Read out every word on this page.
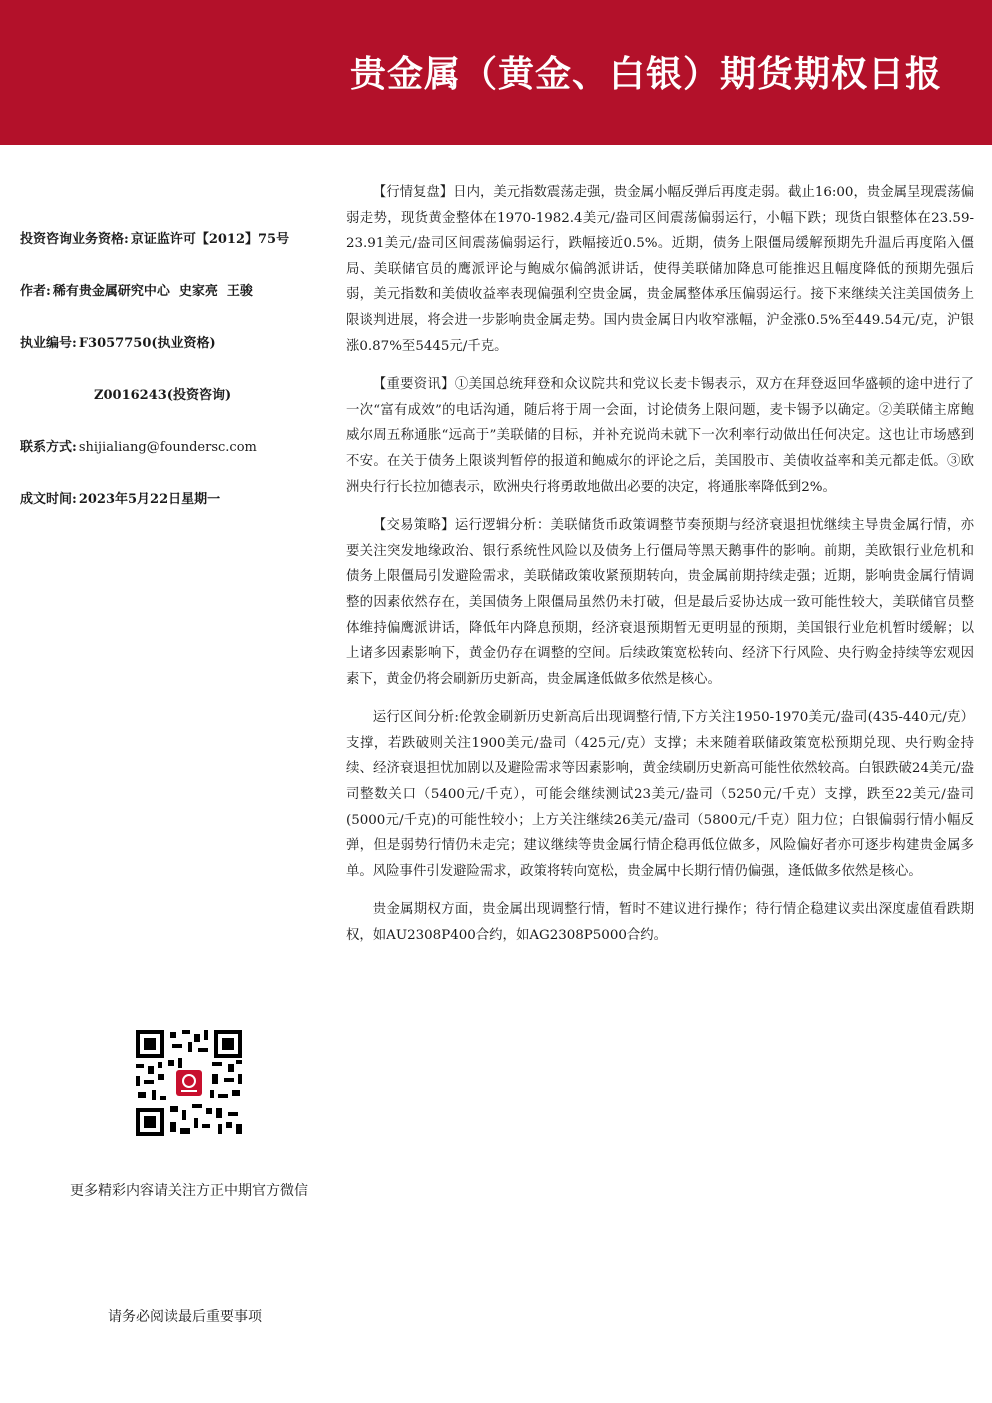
贵金属（黄金、白银）期货期权日报
投资咨询业务资格: 京证监许可【2012】75号
作者: 稀有贵金属研究中心  史家亮  王骏
执业编号: F3057750(执业资格)
Z0016243(投资咨询)
联系方式: shijialiang@foundersc.com
成文时间: 2023年5月22日星期一
更多精彩内容请关注方正中期官方微信
请务必阅读最后重要事项

【行情复盘】日内，美元指数震荡走强，贵金属小幅反弹后再度走弱。截止16:00，贵金属呈现震荡偏弱走势，现货黄金整体在1970-1982.4美元/盎司区间震荡偏弱运行，小幅下跌；现货白银整体在23.59-23.91美元/盎司区间震荡偏弱运行，跌幅接近0.5%。近期，债务上限僵局缓解预期先升温后再度陷入僵局、美联储官员的鹰派评论与鲍威尔偏鸽派讲话，使得美联储加降息可能推迟且幅度降低的预期先强后弱，美元指数和美债收益率表现偏强利空贵金属，贵金属整体承压偏弱运行。接下来继续关注美国债务上限谈判进展，将会进一步影响贵金属走势。国内贵金属日内收窄涨幅，沪金涨0.5%至449.54元/克，沪银涨0.87%至5445元/千克。

【重要资讯】①美国总统拜登和众议院共和党议长麦卡锡表示，双方在拜登返回华盛顿的途中进行了一次“富有成效”的电话沟通，随后将于周一会面，讨论债务上限问题，麦卡锡予以确定。②美联储主席鲍威尔周五称通胀“远高于”美联储的目标，并补充说尚未就下一次利率行动做出任何决定。这也让市场感到不安。在关于债务上限谈判暂停的报道和鲍威尔的评论之后，美国股市、美债收益率和美元都走低。③欧洲央行行长拉加德表示，欧洲央行将勇敢地做出必要的决定，将通胀率降低到2%。

【交易策略】运行逻辑分析：美联储货币政策调整节奏预期与经济衰退担忧继续主导贵金属行情，亦要关注突发地缘政治、银行系统性风险以及债务上行僵局等黑天鹅事件的影响。前期，美欧银行业危机和债务上限僵局引发避险需求，美联储政策收紧预期转向，贵金属前期持续走强；近期，影响贵金属行情调整的因素依然存在，美国债务上限僵局虽然仍未打破，但是最后妥协达成一致可能性较大，美联储官员整体维持偏鹰派讲话，降低年内降息预期，经济衰退预期暂无更明显的预期，美国银行业危机暂时缓解；以上诸多因素影响下，黄金仍存在调整的空间。后续政策宽松转向、经济下行风险、央行购金持续等宏观因素下，黄金仍将会刷新历史新高，贵金属逢低做多依然是核心。

运行区间分析:伦敦金刷新历史新高后出现调整行情,下方关注1950-1970美元/盎司(435-440元/克）支撑，若跌破则关注1900美元/盎司（425元/克）支撑；未来随着联储政策宽松预期兑现、央行购金持续、经济衰退担忧加剧以及避险需求等因素影响，黄金续刷历史新高可能性依然较高。白银跌破24美元/盎司整数关口（5400元/千克），可能会继续测试23美元/盎司（5250元/千克）支撑，跌至22美元/盎司(5000元/千克)的可能性较小；上方关注继续26美元/盎司（5800元/千克）阻力位；白银偏弱行情小幅反弹，但是弱势行情仍未走完；建议继续等贵金属行情企稳再低位做多，风险偏好者亦可逐步构建贵金属多单。风险事件引发避险需求，政策将转向宽松，贵金属中长期行情仍偏强，逢低做多依然是核心。

贵金属期权方面，贵金属出现调整行情，暂时不建议进行操作；待行情企稳建议卖出深度虚值看跌期权，如AU2308P400合约，如AG2308P5000合约。
